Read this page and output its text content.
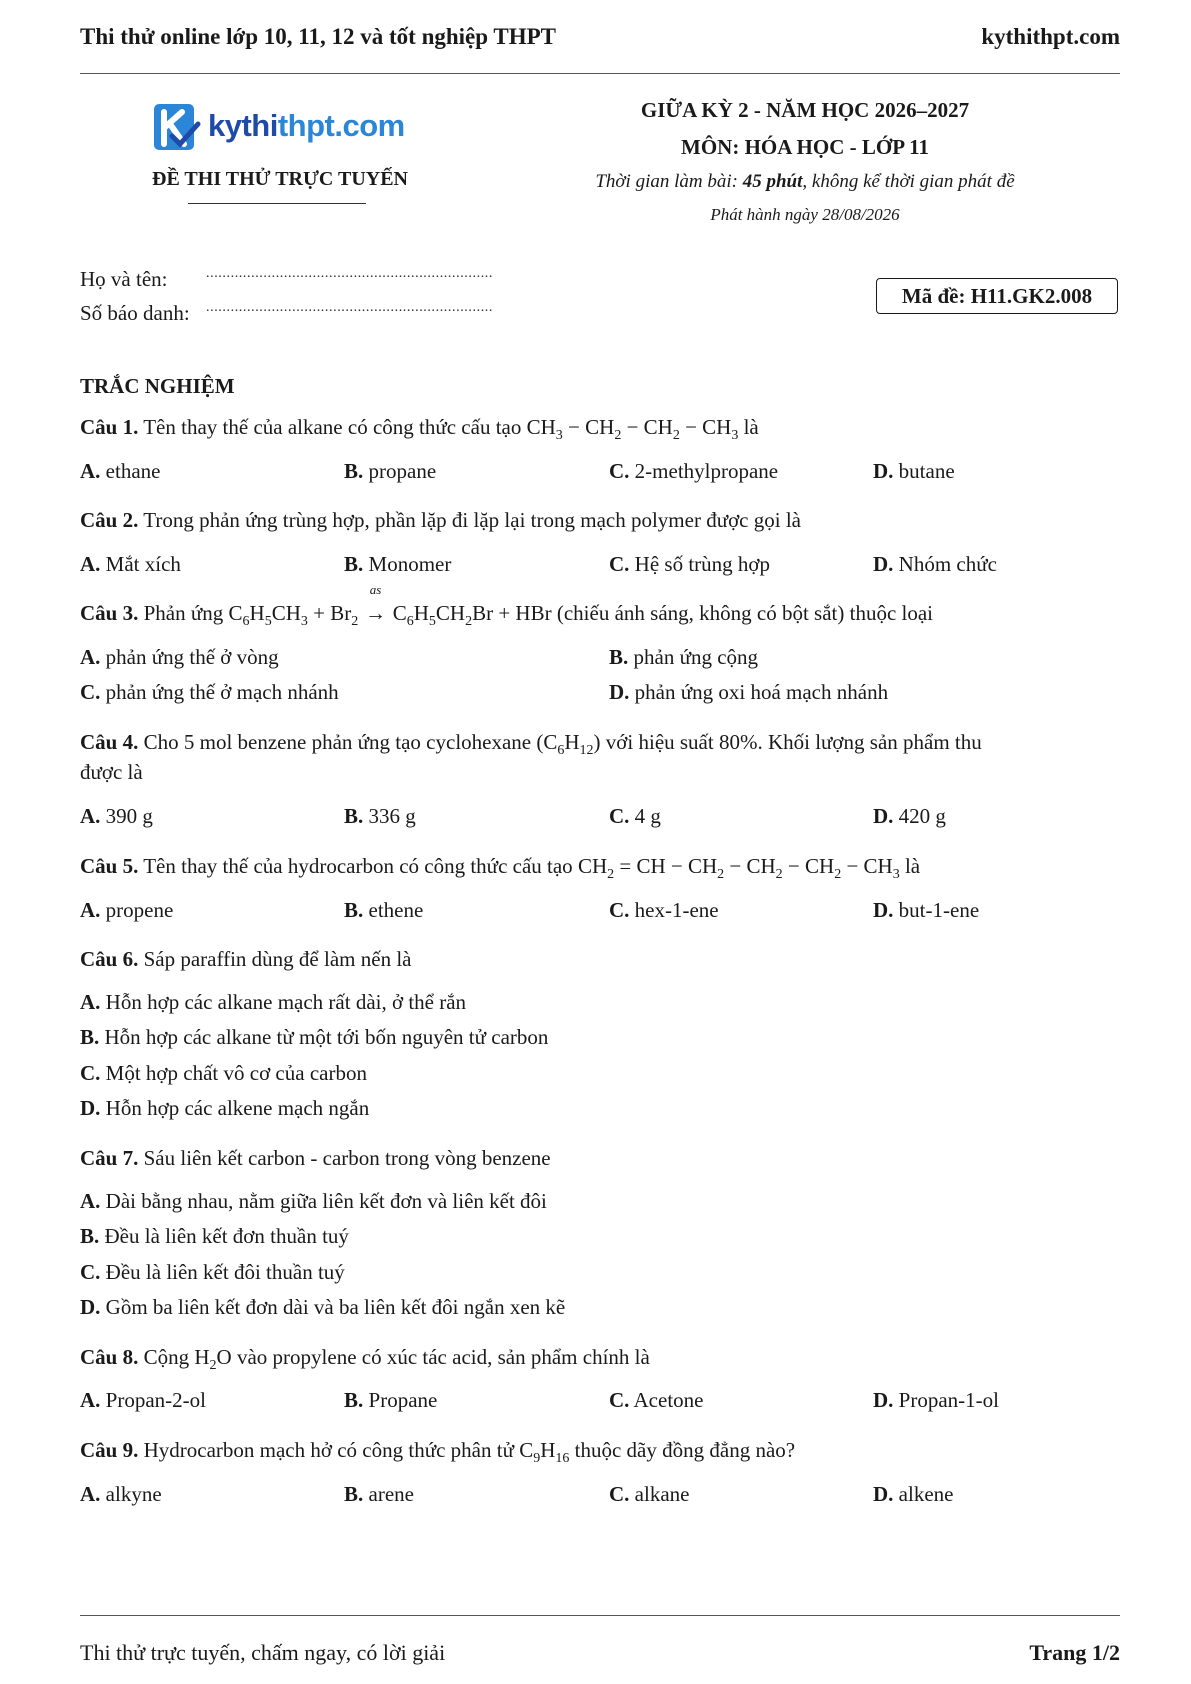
Thi thử online lớp 10, 11, 12 và tốt nghiệp THPT	kythithpt.com
kythithpt.com
ĐỀ THI THỬ TRỰC TUYẾN
GIỮA KỲ 2 - NĂM HỌC 2026–2027
MÔN: HÓA HỌC - LỚP 11
Thời gian làm bài: 45 phút, không kể thời gian phát đề
Phát hành ngày 28/08/2026
Họ và tên:	......................................................................
Số báo danh: ......................................................................	Mã đề: H11.GK2.008
TRẮC NGHIỆM
Câu 1. Tên thay thế của alkane có công thức cấu tạo $CH_3 - CH_2 - CH_2 - CH_3$ là
A. ethane	B. propane	C. 2-methylpropane	D. butane
Câu 2. Trong phản ứng trùng hợp, phần lặp đi lặp lại trong mạch polymer được gọi là
A. Mắt xích	B. Monomer	C. Hệ số trùng hợp	D. Nhóm chức
Câu 3. Phản ứng $C_6H_5CH_3 + Br_2$
as
→ $C_6H_5CH_2Br$ + HBr (chiếu ánh sáng, không có bột sắt) thuộc loại
A. phản ứng thế ở vòng	B. phản ứng cộng
C. phản ứng thế ở mạch nhánh	D. phản ứng oxi hoá mạch nhánh
Câu 4. Cho 5 mol benzene phản ứng tạo cyclohexane $(C_6H_{12})$ với hiệu suất 80%. Khối lượng sản phẩm thu
được là
A. 390 g	B. 336 g	C. 4 g	D. 420 g
Câu 5. Tên thay thế của hydrocarbon có công thức cấu tạo $CH_2$ = CH − $CH_2 - CH_2 - CH_2 - CH_3$ là
A. propene	B. ethene	C. hex-1-ene	D. but-1-ene
Câu 6. Sáp paraffin dùng để làm nến là
A. Hỗn hợp các alkane mạch rất dài, ở thể rắn
B. Hỗn hợp các alkane từ một tới bốn nguyên tử carbon
C. Một hợp chất vô cơ của carbon
D. Hỗn hợp các alkene mạch ngắn
Câu 7. Sáu liên kết carbon - carbon trong vòng benzene
A. Dài bằng nhau, nằm giữa liên kết đơn và liên kết đôi
B. Đều là liên kết đơn thuần tuý
C. Đều là liên kết đôi thuần tuý
D. Gồm ba liên kết đơn dài và ba liên kết đôi ngắn xen kẽ
Câu 8. Cộng $H_2O$ vào propylene có xúc tác acid, sản phẩm chính là
A. Propan-2-ol	B. Propane	C. Acetone	D. Propan-1-ol
Câu 9. Hydrocarbon mạch hở có công thức phân tử $C_9H_{16}$ thuộc dãy đồng đẳng nào?
A. alkyne	B. arene	C. alkane	D. alkene
Thi thử trực tuyến, chấm ngay, có lời giải	Trang 1/2
